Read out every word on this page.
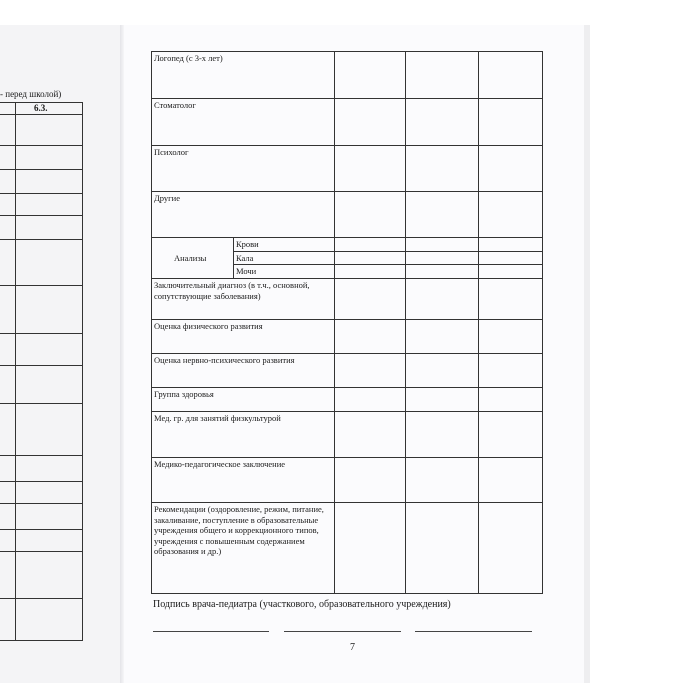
- перед школой)
6.3.
Логопед (с 3-х лет)				
Стоматолог				
Психолог				
Другие				
Анализы	Крови			
	Кала			
	Мочи			
Заключительный диагноз (в т.ч., основной, сопутствующие заболевания)				
Оценка физического развития				
Оценка нервно-психического развития				
Группа здоровья				
Мед. гр. для занятий физкультурой				
Медико-педагогическое заключение				
Рекомендации (оздоровление, режим, питание, закаливание, поступление в образовательные учреждения общего и коррекционного типов, учреждения с повышенным содержанием образования и др.)				
Подпись врача-педиатра (участкового, образовательного учреждения)
7
